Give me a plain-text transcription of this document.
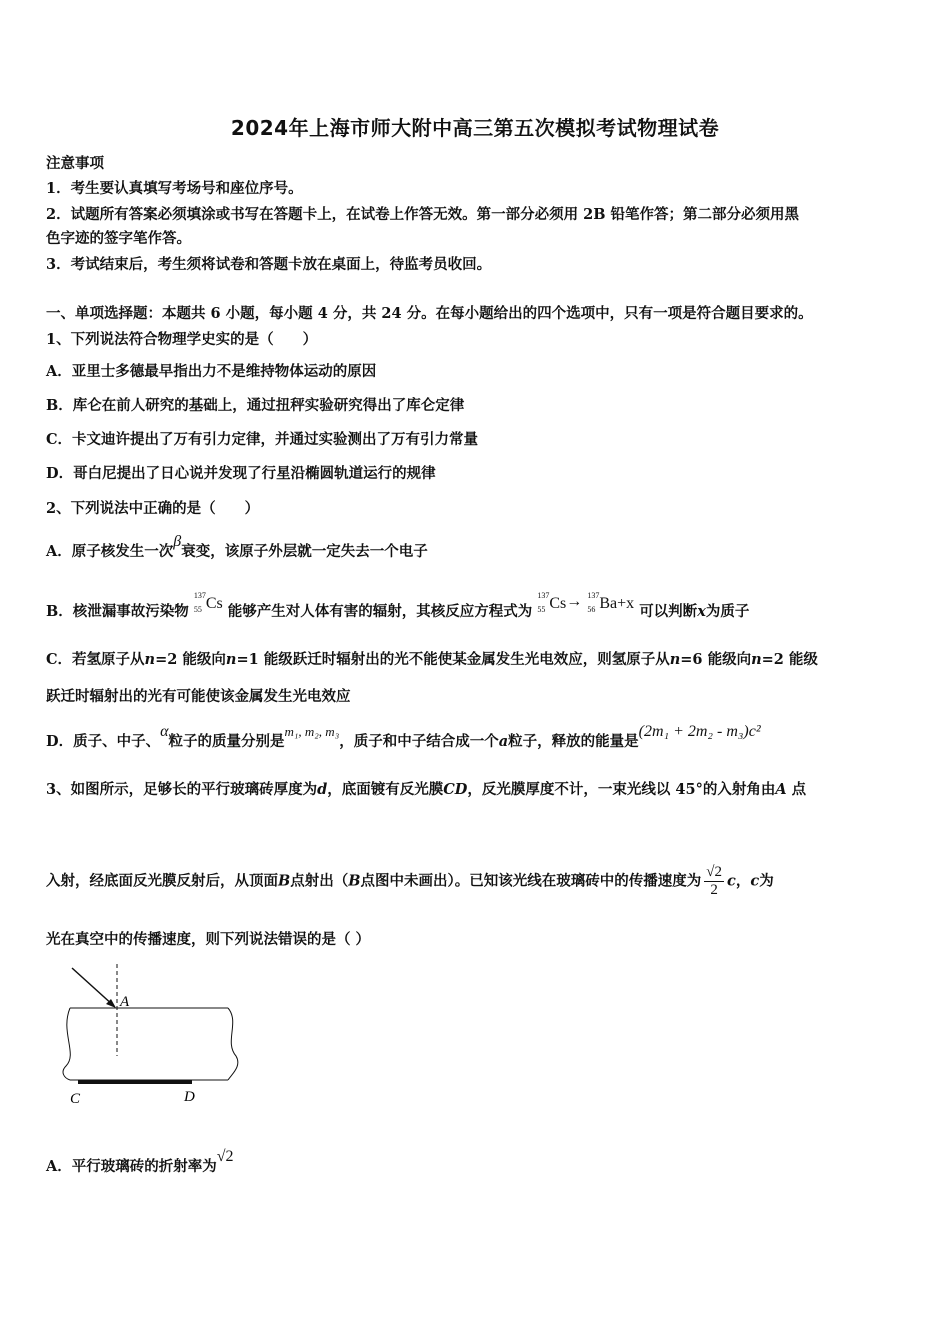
2024年上海市师大附中高三第五次模拟考试物理试卷
注意事项
1．考生要认真填写考场号和座位序号。
2．试题所有答案必须填涂或书写在答题卡上，在试卷上作答无效。第一部分必须用 2B 铅笔作答；第二部分必须用黑
色字迹的签字笔作答。
3．考试结束后，考生须将试卷和答题卡放在桌面上，待监考员收回。
一、单项选择题：本题共 6 小题，每小题 4 分，共 24 分。在每小题给出的四个选项中，只有一项是符合题目要求的。
1、下列说法符合物理学史实的是（　　）
A．亚里士多德最早指出力不是维持物体运动的原因
B．库仑在前人研究的基础上，通过扭秤实验研究得出了库仑定律
C．卡文迪许提出了万有引力定律，并通过实验测出了万有引力常量
D．哥白尼提出了日心说并发现了行星沿椭圆轨道运行的规律
2、下列说法中正确的是（　　）
A．原子核发生一次β衰变，该原子外层就一定失去一个电子
B．核泄漏事故污染物
137
55 Cs 能够产生对人体有害的辐射，其核反应方程式为
137
55 Cs→ 137
56 Ba+x 可以判断x为质子
C．若氢原子从n=2 能级向n=1 能级跃迁时辐射出的光不能使某金属发生光电效应，则氢原子从n=6 能级向n=2 能级
跃迁时辐射出的光有可能使该金属发生光电效应
D．质子、中子、α粒子的质量分别是m₁, m₂, m₃，质子和中子结合成一个a粒子，释放的能量是(2m₁ + 2m₂ - m₃)c²
3、如图所示，足够长的平行玻璃砖厚度为d，底面镀有反光膜CD，反光膜厚度不计，一束光线以 45°的入射角由A 点
入射，经底面反光膜反射后，从顶面B点射出（B点图中未画出）。已知该光线在玻璃砖中的传播速度为 $\frac{√2}{2}$ c，c为
光在真空中的传播速度，则下列说法错误的是（ ）
A
C	D
A．平行玻璃砖的折射率为√2
